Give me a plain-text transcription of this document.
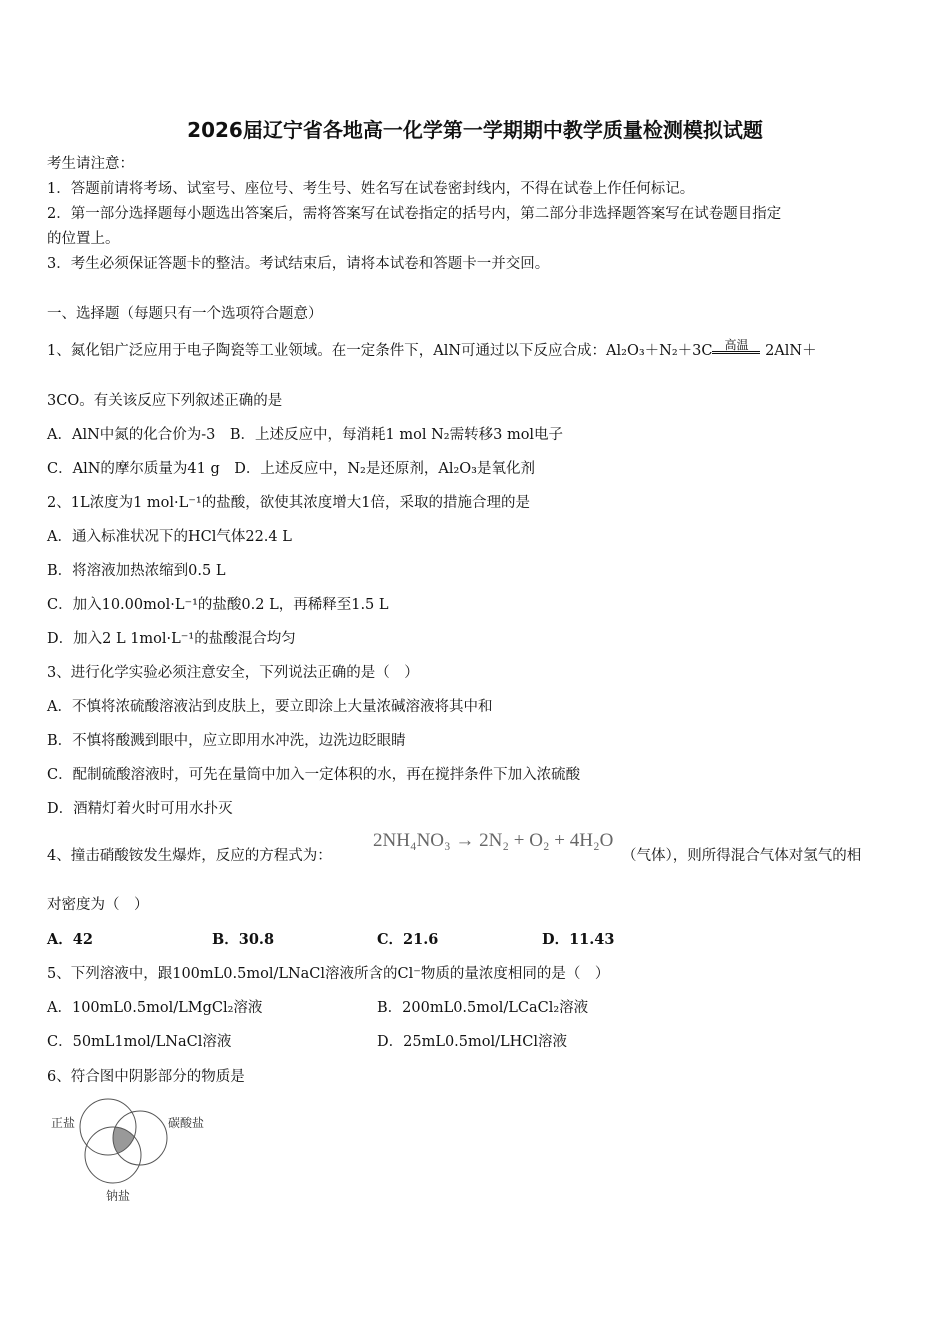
2026届辽宁省各地高一化学第一学期期中教学质量检测模拟试题
考生请注意：
1．答题前请将考场、试室号、座位号、考生号、姓名写在试卷密封线内，不得在试卷上作任何标记。
2．第一部分选择题每小题选出答案后，需将答案写在试卷指定的括号内，第二部分非选择题答案写在试卷题目指定
的位置上。
3．考生必须保证答题卡的整洁。考试结束后，请将本试卷和答题卡一并交回。
一、选择题（每题只有一个选项符合题意）
1、氮化铝广泛应用于电子陶瓷等工业领域。在一定条件下，AlN可通过以下反应合成：Al₂O₃＋N₂＋3C 高温 2AlN＋
3CO。有关该反应下列叙述正确的是
A．AlN中氮的化合价为-3　B．上述反应中，每消耗1 mol N₂需转移3 mol电子
C．AlN的摩尔质量为41 g　D．上述反应中，N₂是还原剂，Al₂O₃是氧化剂
2、1L浓度为1 mol·L⁻¹的盐酸，欲使其浓度增大1倍，采取的措施合理的是
A．通入标准状况下的HCl气体22.4 L
B．将溶液加热浓缩到0.5 L
C．加入10.00mol·L⁻¹的盐酸0.2 L，再稀释至1.5 L
D．加入2 L 1mol·L⁻¹的盐酸混合均匀
3、进行化学实验必须注意安全，下列说法正确的是（　）
A．不慎将浓硫酸溶液沾到皮肤上，要立即涂上大量浓碱溶液将其中和
B．不慎将酸溅到眼中，应立即用水冲洗，边洗边眨眼睛
C．配制硫酸溶液时，可先在量筒中加入一定体积的水，再在搅拌条件下加入浓硫酸
D．酒精灯着火时可用水扑灭
4、撞击硝酸铵发生爆炸，反应的方程式为：
2NH₄NO₃ → 2N₂ + O₂ + 4H₂O
（气体），则所得混合气体对氢气的相
对密度为（　）
A．42	B．30.8	C．21.6	D．11.43
5、下列溶液中，跟100mL0.5mol/LNaCl溶液所含的Cl⁻物质的量浓度相同的是（　）
A．100mL0.5mol/LMgCl₂溶液	B．200mL0.5mol/LCaCl₂溶液
C．50mL1mol/LNaCl溶液	D．25mL0.5mol/LHCl溶液
6、符合图中阴影部分的物质是
正盐	碳酸盐
钠盐
